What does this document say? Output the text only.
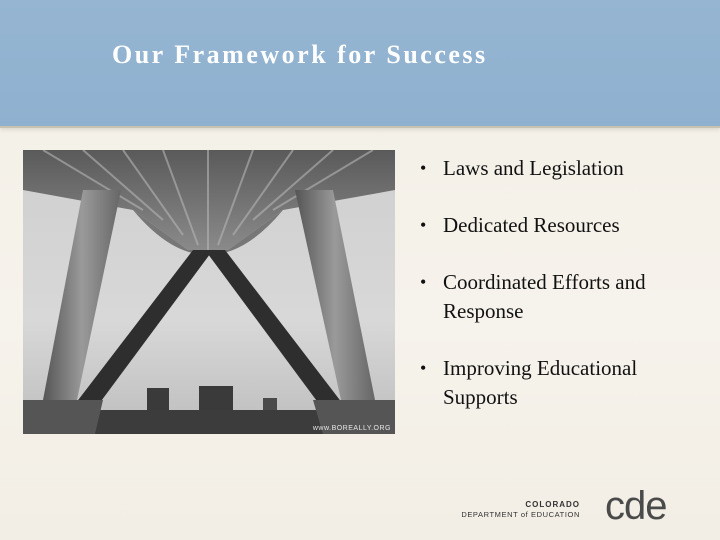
Our Framework for Success
www.BOREALLY.ORG
• Laws and Legislation
• Dedicated Resources
• Coordinated Efforts and Response
• Improving Educational Supports
COLORADO
DEPARTMENT of EDUCATION cde
